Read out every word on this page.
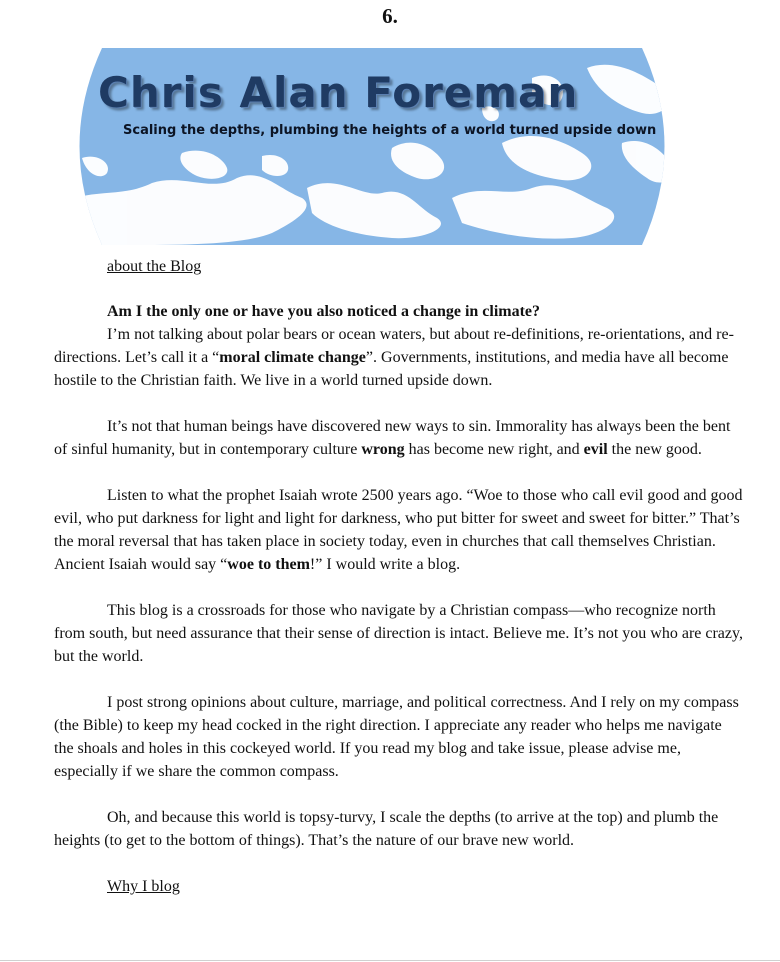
6.
Chris Alan Foreman
Scaling the depths, plumbing the heights of a world turned upside down
about the Blog
Am I the only one or have you also noticed a change in climate?

I’m not talking about polar bears or ocean waters, but about re-definitions, re-orientations, and re-directions. Let’s call it a “moral climate change”. Governments, institutions, and media have all become hostile to the Christian faith. We live in a world turned upside down.

It’s not that human beings have discovered new ways to sin. Immorality has always been the bent of sinful humanity, but in contemporary culture wrong has become new right, and evil the new good.

Listen to what the prophet Isaiah wrote 2500 years ago. “Woe to those who call evil good and good evil, who put darkness for light and light for darkness, who put bitter for sweet and sweet for bitter.” That’s the moral reversal that has taken place in society today, even in churches that call themselves Christian. Ancient Isaiah would say “woe to them!” I would write a blog.

This blog is a crossroads for those who navigate by a Christian compass—who recognize north from south, but need assurance that their sense of direction is intact. Believe me. It’s not you who are crazy, but the world.

I post strong opinions about culture, marriage, and political correctness. And I rely on my compass (the Bible) to keep my head cocked in the right direction. I appreciate any reader who helps me navigate the shoals and holes in this cockeyed world. If you read my blog and take issue, please advise me, especially if we share the common compass.

Oh, and because this world is topsy-turvy, I scale the depths (to arrive at the top) and plumb the heights (to get to the bottom of things). That’s the nature of our brave new world.

Why I blog
